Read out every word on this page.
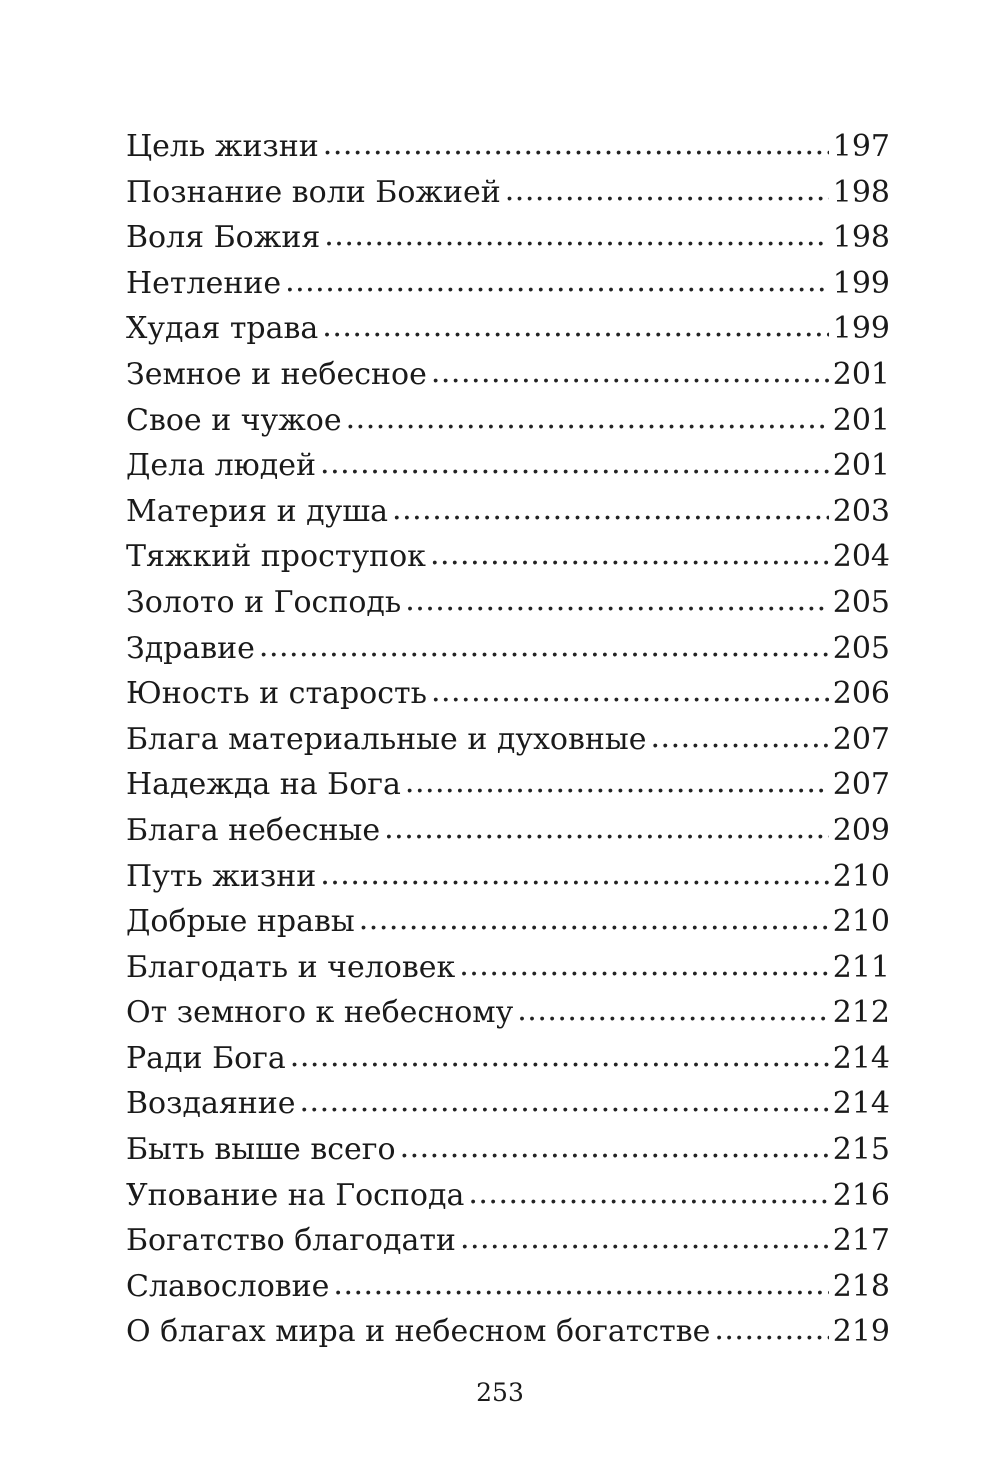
Цель жизни .....	197
Познание воли Божией .....	198
Воля Божия .....	198
Нетление .....	199
Худая трава .....	199
Земное и небесное .....	201
Свое и чужое .....	201
Дела людей .....	201
Материя и душа .....	203
Тяжкий проступок .....	204
Золото и Господь .....	205
Здравие .....	205
Юность и старость .....	206
Блага материальные и духовные .....	207
Надежда на Бога .....	207
Блага небесные .....	209
Путь жизни .....	210
Добрые нравы .....	210
Благодать и человек .....	211
От земного к небесному .....	212
Ради Бога .....	214
Воздаяние .....	214
Быть выше всего .....	215
Упование на Господа .....	216
Богатство благодати .....	217
Славословие .....	218
О благах мира и небесном богатстве .....	219
253
